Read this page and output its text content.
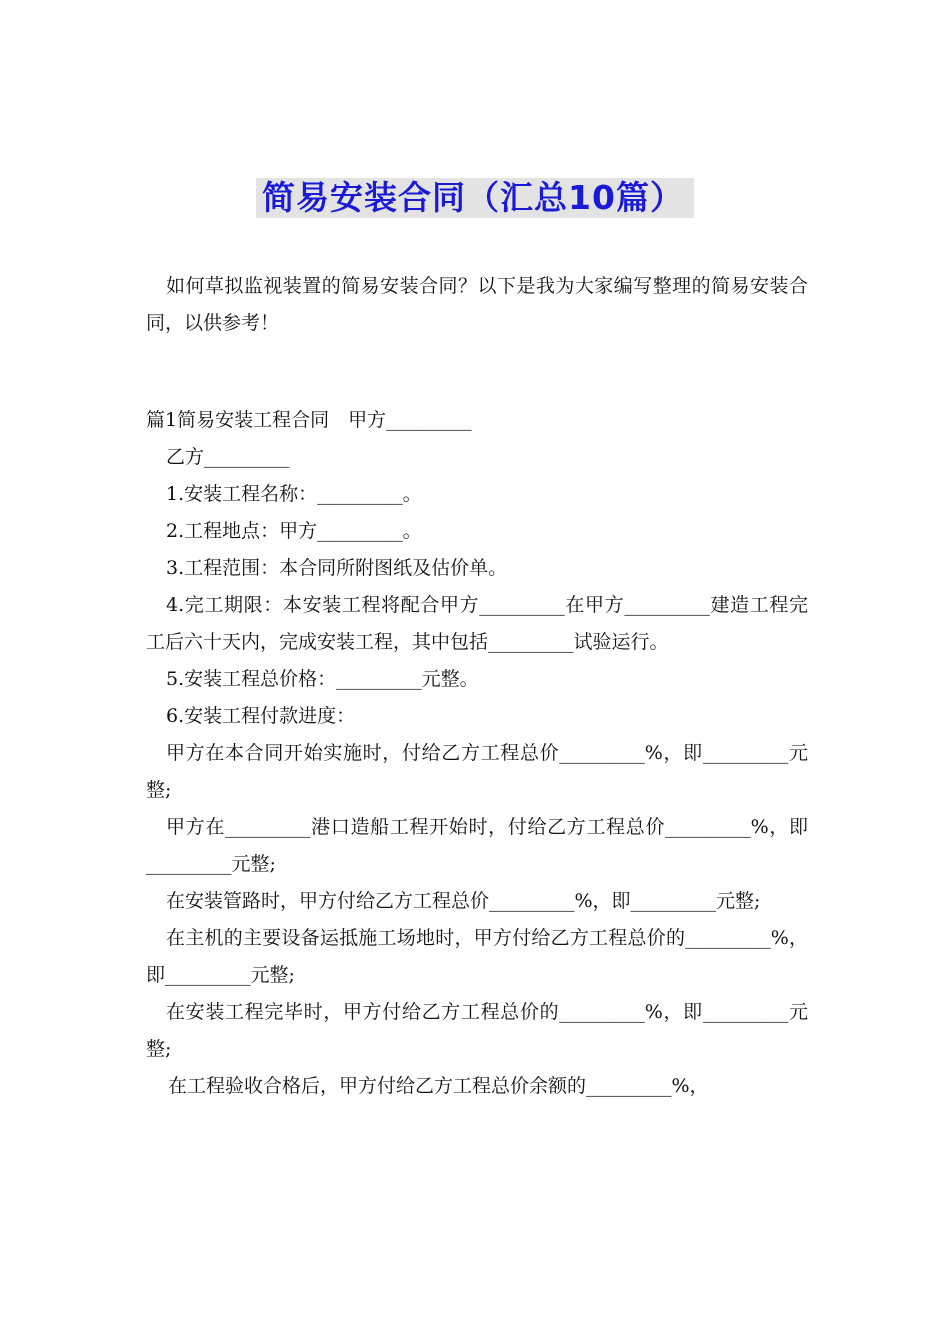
简易安装合同（汇总10篇）

如何草拟监视装置的简易安装合同？以下是我为大家编写整理的简易安装合同，以供参考！

篇1简易安装工程合同　甲方_________

乙方_________

1.安装工程名称：_________。

2.工程地点：甲方_________。

3.工程范围：本合同所附图纸及估价单。

4.完工期限：本安装工程将配合甲方_________在甲方_________建造工程完工后六十天内，完成安装工程，其中包括_________试验运行。

5.安装工程总价格：_________元整。

6.安装工程付款进度：

甲方在本合同开始实施时，付给乙方工程总价_________%，即_________元整;

甲方在_________港口造船工程开始时，付给乙方工程总价_________%，即_________元整;

在安装管路时，甲方付给乙方工程总价_________%，即_________元整;

在主机的主要设备运抵施工场地时，甲方付给乙方工程总价的_________%，即_________元整;

在安装工程完毕时，甲方付给乙方工程总价的_________%，即_________元整;

在工程验收合格后，甲方付给乙方工程总价余额的_________%，
